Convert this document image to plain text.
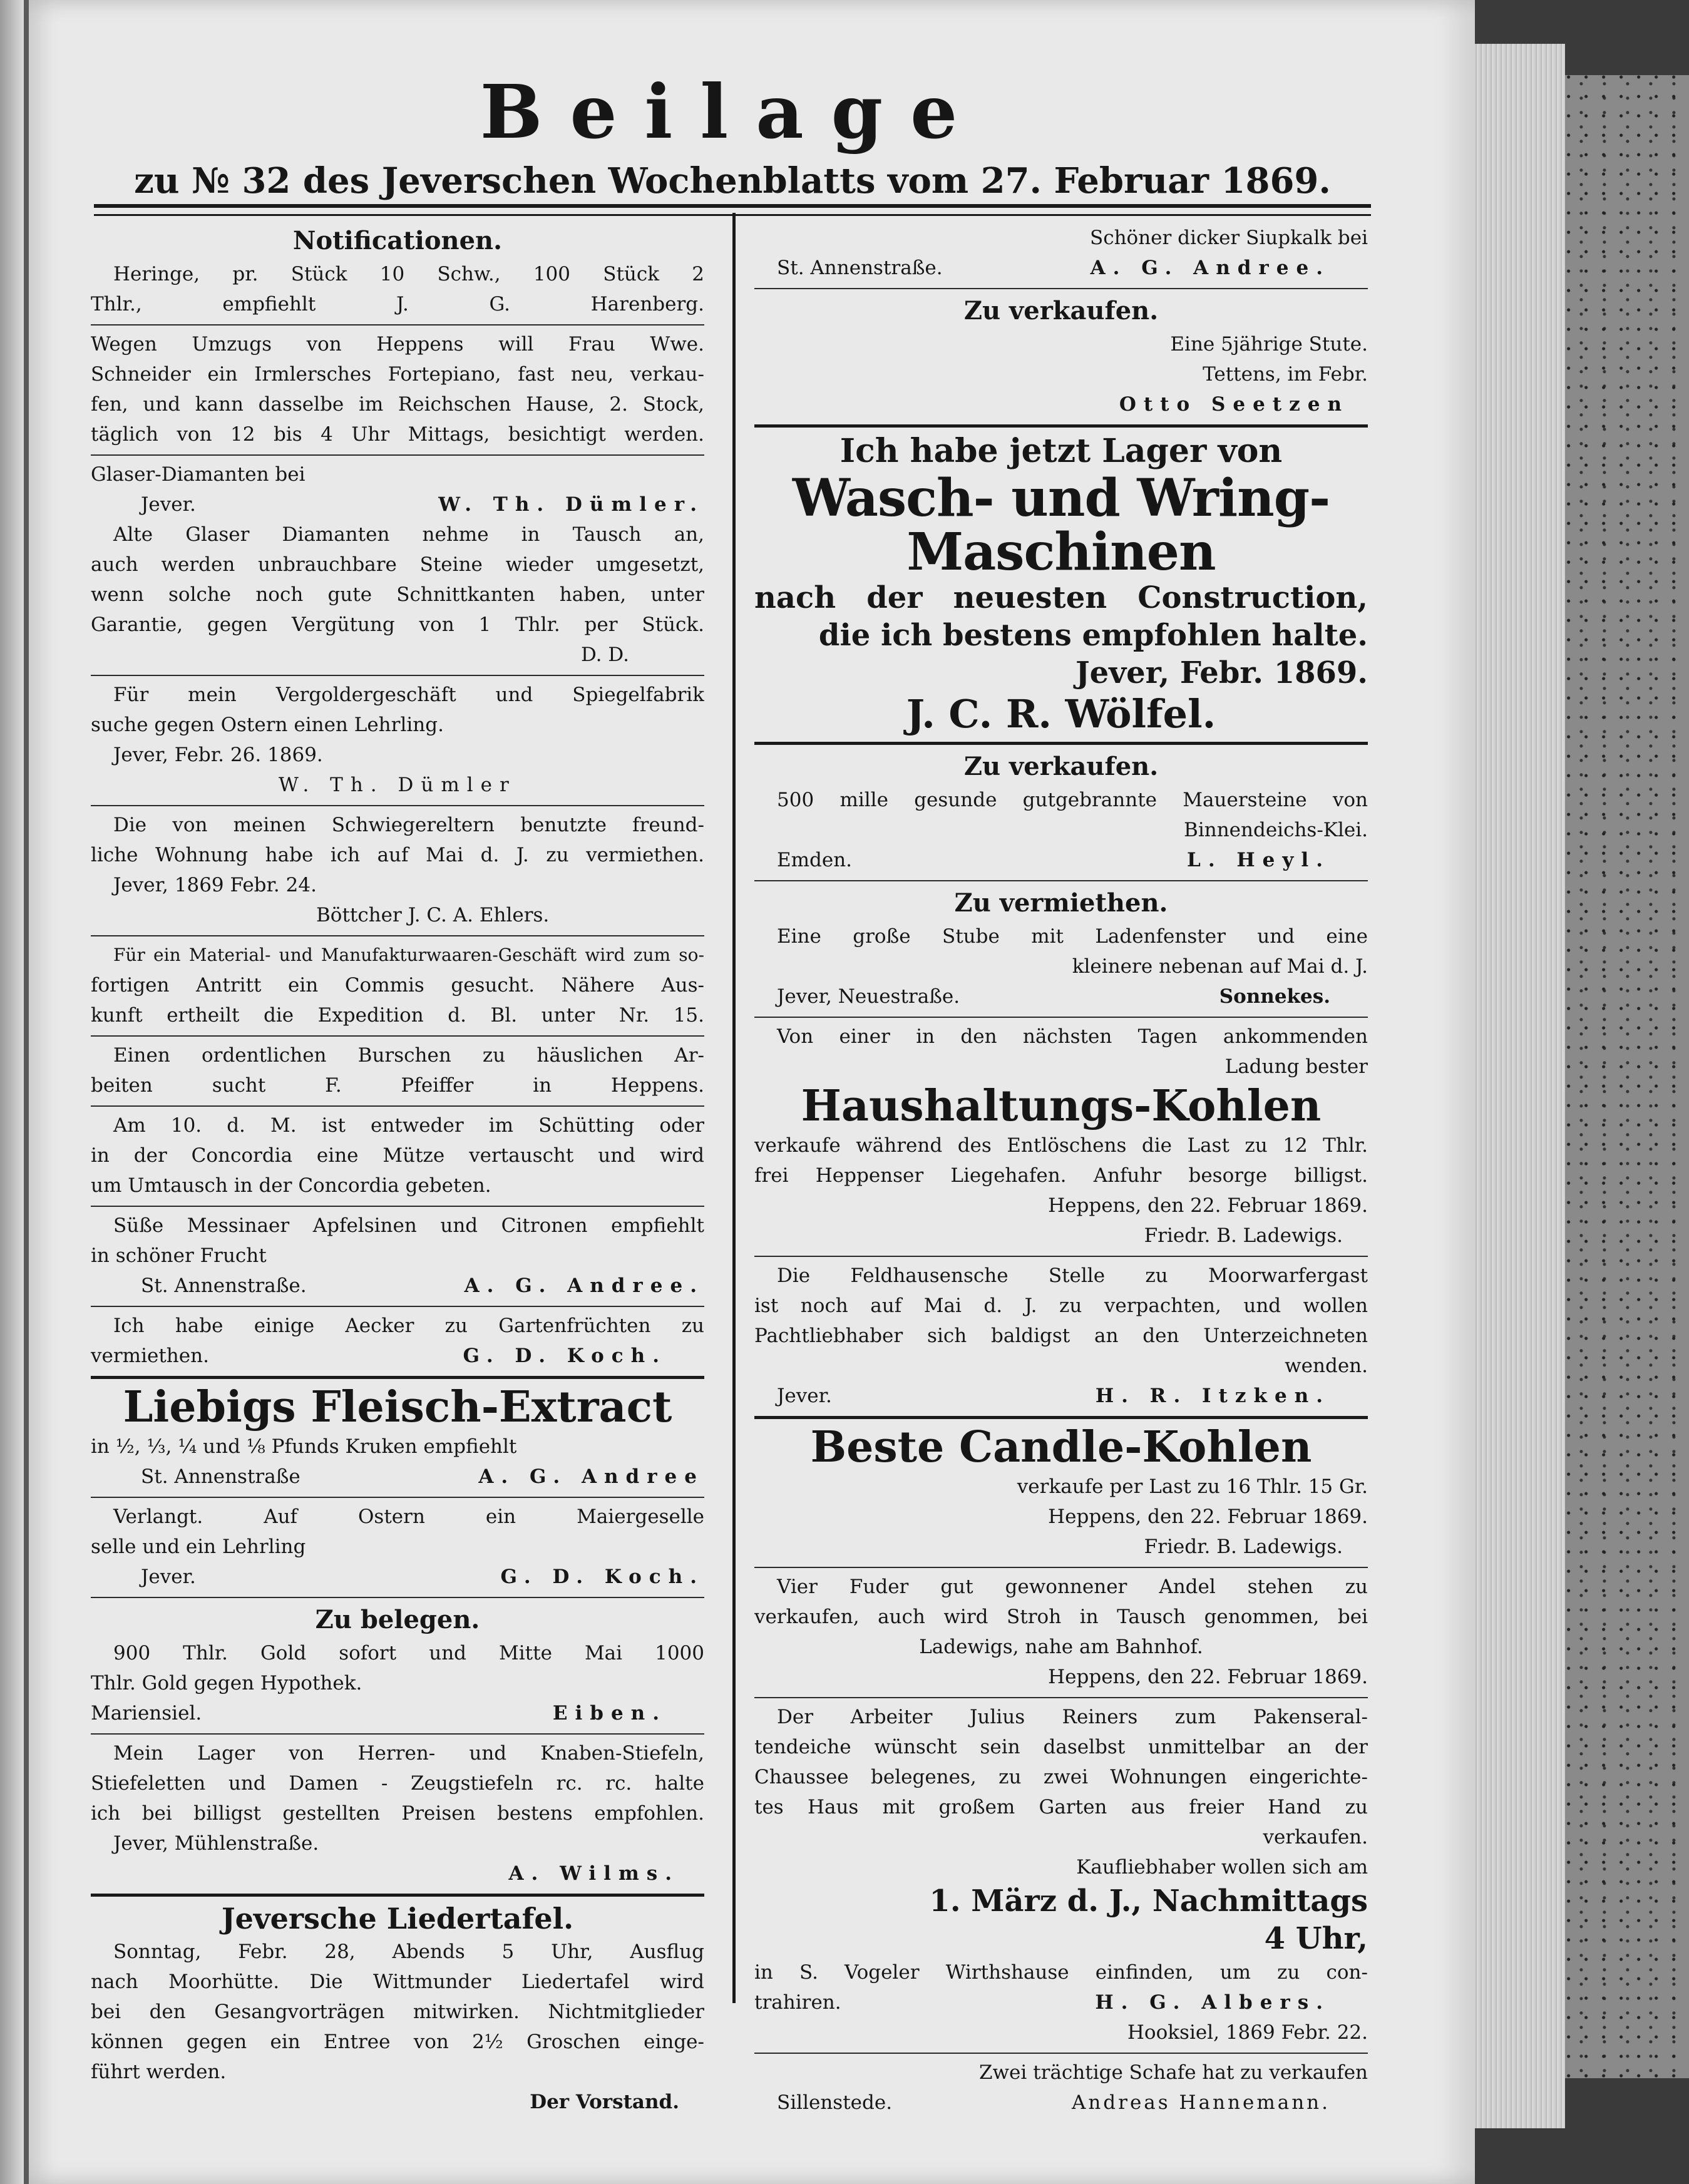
Beilage
zu № 32 des Jeverschen Wochenblatts vom 27. Februar 1869.
Notificationen.
Heringe, pr. Stück 10 Schw., 100 Stück 2
Thlr., empfiehlt J. G. Harenberg.
Wegen Umzugs von Heppens will Frau Wwe.
Schneider ein Irmlersches Fortepiano, fast neu, verkau-
fen, und kann dasselbe im Reichschen Hause, 2. Stock,
täglich von 12 bis 4 Uhr Mittags, besichtigt werden.
Glaser-Diamanten bei
Jever.	W. Th. Dümler.
Alte Glaser Diamanten nehme in Tausch an,
auch werden unbrauchbare Steine wieder umgesetzt,
wenn solche noch gute Schnittkanten haben, unter
Garantie, gegen Vergütung von 1 Thlr. per Stück.
D. D.
Für mein Vergoldergeschäft und Spiegelfabrik
suche gegen Ostern einen Lehrling.
Jever, Febr. 26. 1869.
W. Th. Dümler
Die von meinen Schwiegereltern benutzte freund-
liche Wohnung habe ich auf Mai d. J. zu vermiethen.
Jever, 1869 Febr. 24.
Böttcher J. C. A. Ehlers.
Für ein Material- und Manufakturwaaren-Geschäft wird zum so-
fortigen Antritt ein Commis gesucht. Nähere Aus-
kunft ertheilt die Expedition d. Bl. unter Nr. 15.
Einen ordentlichen Burschen zu häuslichen Ar-
beiten sucht F. Pfeiffer in Heppens.
Am 10. d. M. ist entweder im Schütting oder
in der Concordia eine Mütze vertauscht und wird
um Umtausch in der Concordia gebeten.
Süße Messinaer Apfelsinen und Citronen empfiehlt
in schöner Frucht
St. Annenstraße.	A. G. Andree.
Ich habe einige Aecker zu Gartenfrüchten zu
vermiethen.	G. D. Koch.
Liebigs Fleisch-Extract
in ½, ⅓, ¼ und ⅛ Pfunds Kruken empfiehlt
St. Annenstraße	A. G. Andree
Verlangt. Auf Ostern ein Maiergeselle
selle und ein Lehrling
Jever.	G. D. Koch.
Zu belegen.
900 Thlr. Gold sofort und Mitte Mai 1000
Thlr. Gold gegen Hypothek.
Mariensiel.	Eiben.
Mein Lager von Herren- und Knaben-Stiefeln,
Stiefeletten und Damen - Zeugstiefeln rc. rc. halte
ich bei billigst gestellten Preisen bestens empfohlen.
Jever, Mühlenstraße.
A. Wilms.
Jeversche Liedertafel.
Sonntag, Febr. 28, Abends 5 Uhr, Ausflug
nach Moorhütte. Die Wittmunder Liedertafel wird
bei den Gesangvorträgen mitwirken. Nichtmitglieder
können gegen ein Entree von 2½ Groschen einge-
führt werden.
Der Vorstand.
Schöner dicker Siupkalk bei
St. Annenstraße.	A. G. Andree.
Zu verkaufen.
Eine 5jährige Stute.
Tettens, im Febr.
Otto Seetzen
Ich habe jetzt Lager von
Wasch- und Wring-
Maschinen
nach der neuesten Construction,
die ich bestens empfohlen halte.
Jever, Febr. 1869.
J. C. R. Wölfel.
Zu verkaufen.
500 mille gesunde gutgebrannte Mauersteine von
Binnendeichs-Klei.
Emden.	L. Heyl.
Zu vermiethen.
Eine große Stube mit Ladenfenster und eine
kleinere nebenan auf Mai d. J.
Jever, Neuestraße.	Sonnekes.
Von einer in den nächsten Tagen ankommenden
Ladung bester
Haushaltungs-Kohlen
verkaufe während des Entlöschens die Last zu 12 Thlr.
frei Heppenser Liegehafen. Anfuhr besorge billigst.
Heppens, den 22. Februar 1869.
Friedr. B. Ladewigs.
Die Feldhausensche Stelle zu Moorwarfergast
ist noch auf Mai d. J. zu verpachten, und wollen
Pachtliebhaber sich baldigst an den Unterzeichneten
wenden.
Jever.	H. R. Itzken.
Beste Candle-Kohlen
verkaufe per Last zu 16 Thlr. 15 Gr.
Heppens, den 22. Februar 1869.
Friedr. B. Ladewigs.
Vier Fuder gut gewonnener Andel stehen zu
verkaufen, auch wird Stroh in Tausch genommen, bei
Ladewigs, nahe am Bahnhof.
Heppens, den 22. Februar 1869.
Der Arbeiter Julius Reiners zum Pakenseral-
tendeiche wünscht sein daselbst unmittelbar an der
Chaussee belegenes, zu zwei Wohnungen eingerichte-
tes Haus mit großem Garten aus freier Hand zu
verkaufen.
Kaufliebhaber wollen sich am
1. März d. J., Nachmittags
4 Uhr,
in S. Vogeler Wirthshause einfinden, um zu con-
trahiren.	H. G. Albers.
Hooksiel, 1869 Febr. 22.
Zwei trächtige Schafe hat zu verkaufen
Sillenstede.	Andreas Hannemann.
